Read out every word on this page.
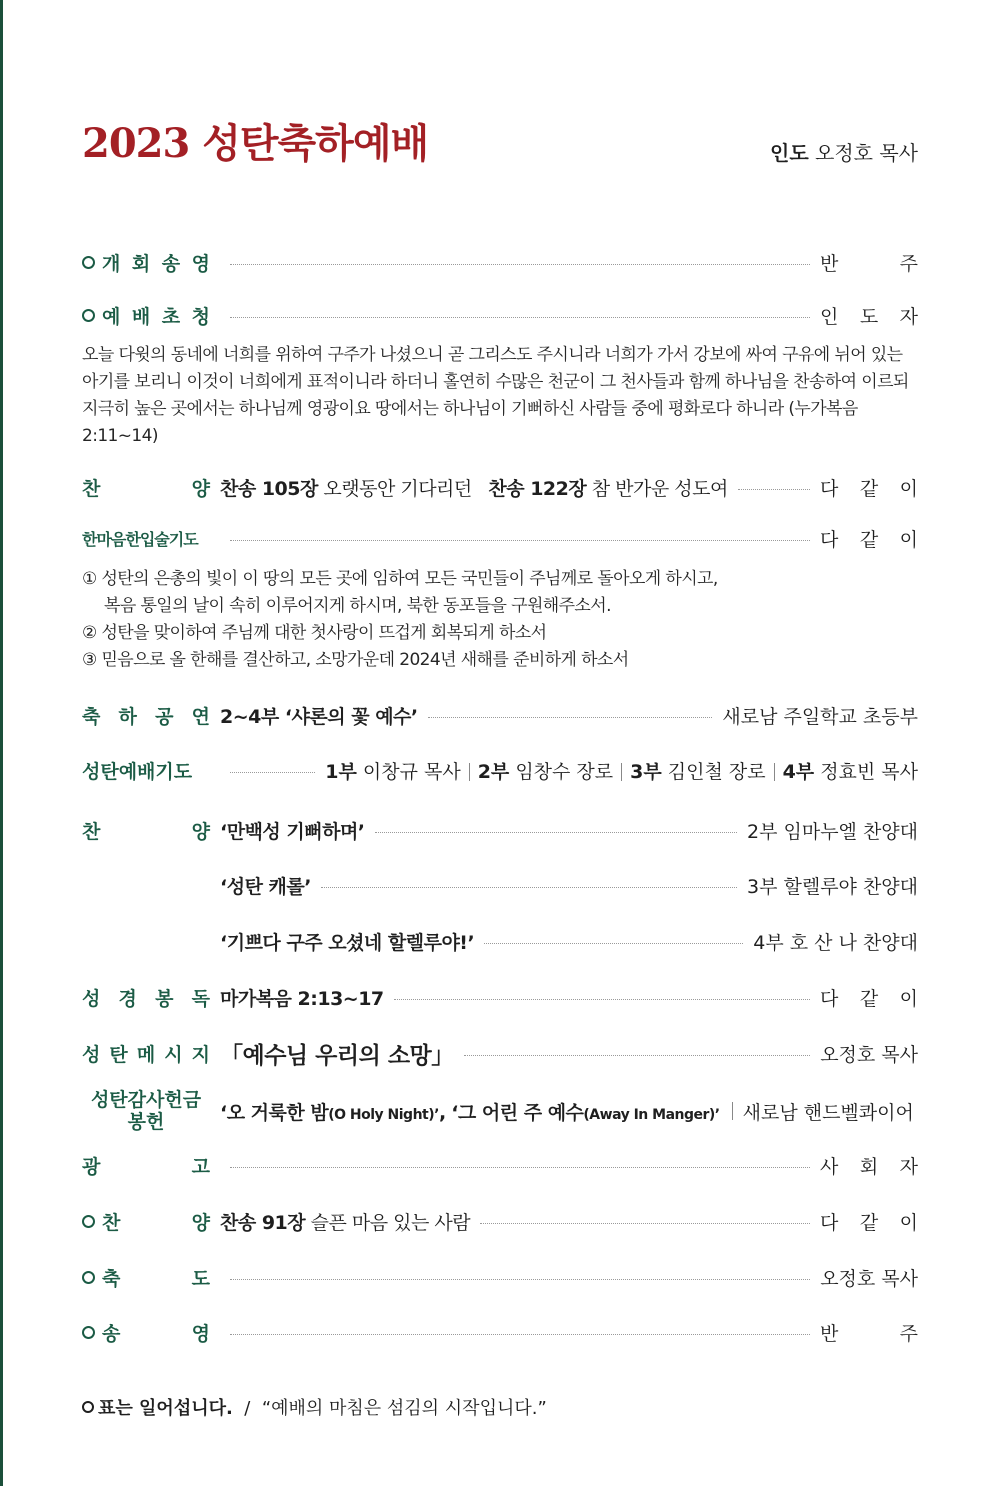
2023 성탄축하예배	인도 오정호 목사
개 회 송 영	반	주
예 배 초 청	인 도 자
오늘 다윗의 동네에 너희를 위하여 구주가 나셨으니 곧 그리스도 주시니라 너희가 가서 강보에 싸여 구유에 뉘어 있는 아기를 보리니 이것이 너희에게 표적이니라 하더니 홀연히 수많은 천군이 그 천사들과 함께 하나님을 찬송하여 이르되 지극히 높은 곳에서는 하나님께 영광이요 땅에서는 하나님이 기뻐하신 사람들 중에 평화로다 하니라 (누가복음 2:11~14)
찬	양 찬송 105장 오랫동안 기다리던 찬송 122장 참 반가운 성도여	다 같 이
한마음한입술기도	다 같 이
① 성탄의 은총의 빛이 이 땅의 모든 곳에 임하여 모든 국민들이 주님께로 돌아오게 하시고,
복음 통일의 날이 속히 이루어지게 하시며, 북한 동포들을 구원해주소서.
② 성탄을 맞이하여 주님께 대한 첫사랑이 뜨겁게 회복되게 하소서
③ 믿음으로 올 한해를 결산하고, 소망가운데 2024년 새해를 준비하게 하소서
축 하 공 연 2~4부 ‘샤론의 꽃 예수’	새로남 주일학교 초등부
성탄예배기도	1부 이창규 목사 2부 임창수 장로 3부 김인철 장로 4부 정효빈 목사
찬	양 ‘만백성 기뻐하며’	2부 임마누엘 찬양대
‘성탄 캐롤’	3부 할렐루야 찬양대
‘기쁘다 구주 오셨네 할렐루야!’	4부 호 산 나 찬양대
성 경 봉 독 마가복음 2:13~17	다 같 이
성 탄 메 시 지 「예수님 우리의 소망」	오정호 목사
성탄감사헌금
봉 헌	‘오 거룩한 밤(O Holy Night)’, ‘그 어린 주 예수(Away In Manger)’ 새로남 핸드벨콰이어
광	고	사 회 자
찬	양 찬송 91장 슬픈 마음 있는 사람	다 같 이
축	도	오정호 목사
송	영	반	주
표는 일어섭니다. / “예배의 마침은 섬김의 시작입니다.”
